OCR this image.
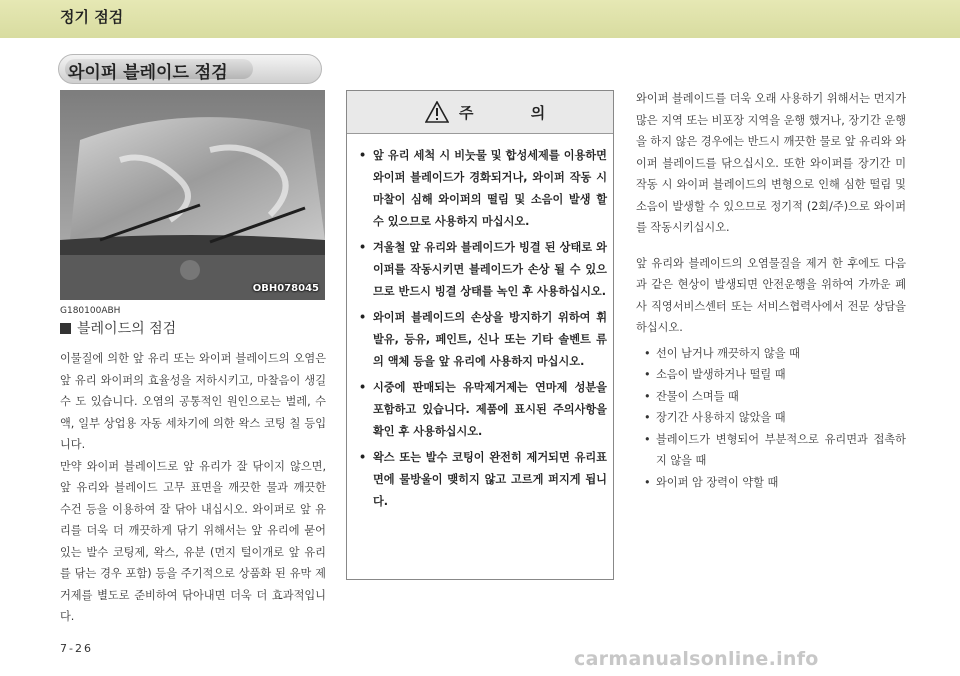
정기 점검
와이퍼 블레이드 점검
OBH078045
G180100ABH
블레이드의 점검

이물질에 의한 앞 유리 또는 와이퍼 블레이드의 오염은 앞 유리 와이퍼의 효율성을 저하시키고, 마찰음이 생길 수 도 있습니다. 오염의 공통적인 원인으로는 벌레, 수액, 일부 상업용 자동 세차기에 의한 왁스 코팅 칠 등입니다.

만약 와이퍼 블레이드로 앞 유리가 잘 닦이지 않으면, 앞 유리와 블레이드 고무 표면을 깨끗한 물과 깨끗한 수건 등을 이용하여 잘 닦아 내십시오. 와이퍼로 앞 유리를 더욱 더 깨끗하게 닦기 위해서는 앞 유리에 묻어 있는 발수 코팅제, 왁스, 유분 (먼지 털이개로 앞 유리를 닦는 경우 포함) 등을 주기적으로 상품화 된 유막 제거제를 별도로 준비하여 닦아내면 더욱 더 효과적입니다.

7-26
주 의
• 앞 유리 세척 시 비눗물 및 합성세제를 이용하면 와이퍼 블레이드가 경화되거나, 와이퍼 작동 시 마찰이 심해 와이퍼의 떨림 및 소음이 발생 할 수 있으므로 사용하지 마십시오.
• 겨울철 앞 유리와 블레이드가 빙결 된 상태로 와이퍼를 작동시키면 블레이드가 손상 될 수 있으므로 반드시 빙결 상태를 녹인 후 사용하십시오.
• 와이퍼 블레이드의 손상을 방지하기 위하여 휘발유, 등유, 페인트, 신나 또는 기타 솔벤트 류의 액체 등을 앞 유리에 사용하지 마십시오.
• 시중에 판매되는 유막제거제는 연마제 성분을 포함하고 있습니다. 제품에 표시된 주의사항을 확인 후 사용하십시오.
• 왁스 또는 발수 코팅이 완전히 제거되면 유리표면에 물방울이 맺히지 않고 고르게 퍼지게 됩니다.

와이퍼 블레이드를 더욱 오래 사용하기 위해서는 먼지가 많은 지역 또는 비포장 지역을 운행 했거나, 장기간 운행을 하지 않은 경우에는 반드시 깨끗한 물로 앞 유리와 와이퍼 블레이드를 닦으십시오. 또한 와이퍼를 장기간 미 작동 시 와이퍼 블레이드의 변형으로 인해 심한 떨림 및 소음이 발생할 수 있으므로 정기적 (2회/주)으로 와이퍼를 작동시키십시오.

앞 유리와 블레이드의 오염물질을 제거 한 후에도 다음과 같은 현상이 발생되면 안전운행을 위하여 가까운 폐사 직영서비스센터 또는 서비스협력사에서 전문 상담을 하십시오.

• 선이 남거나 깨끗하지 않을 때
• 소음이 발생하거나 떨릴 때
• 잔물이 스며들 때
• 장기간 사용하지 않았을 때
• 블레이드가 변형되어 부분적으로 유리면과 접촉하지 않을 때
• 와이퍼 암 장력이 약할 때
carmanualsonline.info
